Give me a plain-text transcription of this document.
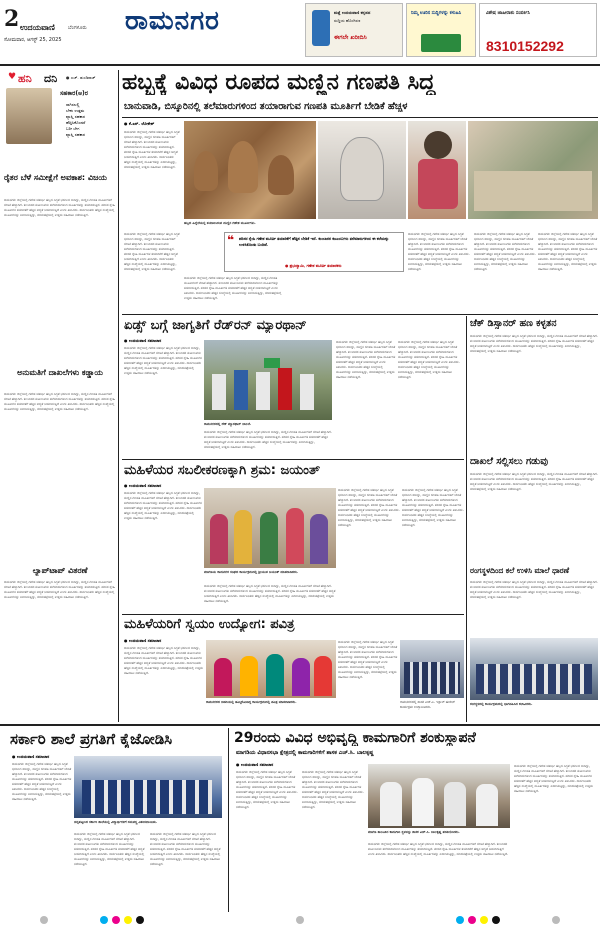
2 ಉದಯವಾಣಿ	ಬೆಂಗಳೂರು
ಸೋಮವಾರ, ಆಗಸ್ಟ್ 25, 2025
ರಾಮನಗರ	ಮತ್ತೆ ಉದಯವಾಣಿ ಕನ್ನಡದ
ಸುದ್ದಿಯ ಹೊಂಗಿರಣ
ಈಗಲೇ ಖರೀದಿಸಿ
ನಿಮ್ಮ ಊರಿನ ಸುದ್ದಿಗಳನ್ನು ಕಳುಹಿಸಿ	ವಿಶೇಷ ಜಾಹೀರಾತು ಸಂಪರ್ಕಿಸಿ
8310152292
♥ ಹನಿ ದನಿ ● ಎಚ್. ಡುಂಡಿರಾಜ್
ಸಹಕಾರ(ಅ)ರ
ಸಾಗಿಸಲಲ್ಲಿ
ಬೇಕು ಉತ್ತಮ
ವ್ಯಾಪ್ತಿ ಸಹಕಾರ
ಹೆಚ್ಚಿಸಿಕೊಂಡರೆ
ಬರೀ ಬೇಗ
ವ್ಯಾಪ್ತಿ ಸಹಕಾರ
ಹಬ್ಬಕ್ಕೆ ವಿವಿಧ ರೂಪದ ಮಣ್ಣಿನ ಗಣಪತಿ ಸಿದ್ಧ
ಬಾನುವಾಡಿ, ಬಿಸ್ಕೂರಿನಲ್ಲಿ ತಲೆಮಾರುಗಳಿಂದ ತಯಾರಾಗುವ ಗಣಪತಿ ಮೂರ್ತಿಗೆ ಬೇಡಿಕೆ ಹೆಚ್ಚಳ
ರೈತರ ಬೆಳೆ ಸಮೀಕ್ಷೆಗೆ ಅವಕಾಶ: ವಿಜಯ
ರಾಮನಗರ: ಜಿಲ್ಲೆಯಲ್ಲಿ ಗಣೇಶ ಚತುರ್ಥಿ ಹಬ್ಬದ ಸಿದ್ಧತೆ ಭರದಿಂದ ಸಾಗಿದ್ದು, ಮಣ್ಣಿನ ಗಣಪತಿ ಮೂರ್ತಿಗಳಿಗೆ ಬೇಡಿಕೆ ಹೆಚ್ಚಾಗಿದೆ. ಕುಂಬಾರರ ಕುಟುಂಬಗಳು ತಲೆಮಾರುಗಳಿಂದ ಮೂರ್ತಿಗಳನ್ನು ತಯಾರಿಸುತ್ತಿವೆ. ಪರಿಸರ ಸ್ನೇಹಿ ಮೂರ್ತಿಗಳ ತಯಾರಿಕೆಗೆ ಹೆಚ್ಚಿನ ಆದ್ಯತೆ ನೀಡಲಾಗುತ್ತಿದೆ ಎಂದು ತಿಳಿಸಿದರು. ಸಾರ್ವಜನಿಕರು ಹೆಚ್ಚಿನ ಸಂಖ್ಯೆಯಲ್ಲಿ ಮೂರ್ತಿಗಳನ್ನು ಖರೀದಿಸುತ್ತಿದ್ದು, ಮಾರುಕಟ್ಟೆಯಲ್ಲಿ ಉತ್ತಮ ವಹಿವಾಟು ನಡೆಯುತ್ತಿದೆ.
ಅನುಮತಿಗೆ ದಾಖಲೆಗಳು ಕಡ್ಡಾಯ
ರಾಮನಗರ: ಜಿಲ್ಲೆಯಲ್ಲಿ ಗಣೇಶ ಚತುರ್ಥಿ ಹಬ್ಬದ ಸಿದ್ಧತೆ ಭರದಿಂದ ಸಾಗಿದ್ದು, ಮಣ್ಣಿನ ಗಣಪತಿ ಮೂರ್ತಿಗಳಿಗೆ ಬೇಡಿಕೆ ಹೆಚ್ಚಾಗಿದೆ. ಕುಂಬಾರರ ಕುಟುಂಬಗಳು ತಲೆಮಾರುಗಳಿಂದ ಮೂರ್ತಿಗಳನ್ನು ತಯಾರಿಸುತ್ತಿವೆ. ಪರಿಸರ ಸ್ನೇಹಿ ಮೂರ್ತಿಗಳ ತಯಾರಿಕೆಗೆ ಹೆಚ್ಚಿನ ಆದ್ಯತೆ ನೀಡಲಾಗುತ್ತಿದೆ ಎಂದು ತಿಳಿಸಿದರು. ಸಾರ್ವಜನಿಕರು ಹೆಚ್ಚಿನ ಸಂಖ್ಯೆಯಲ್ಲಿ ಮೂರ್ತಿಗಳನ್ನು ಖರೀದಿಸುತ್ತಿದ್ದು, ಮಾರುಕಟ್ಟೆಯಲ್ಲಿ ಉತ್ತಮ ವಹಿವಾಟು ನಡೆಯುತ್ತಿದೆ.
ಲ್ಯಾಪ್‌ಟಾಪ್ ವಿತರಣೆ
ರಾಮನಗರ: ಜಿಲ್ಲೆಯಲ್ಲಿ ಗಣೇಶ ಚತುರ್ಥಿ ಹಬ್ಬದ ಸಿದ್ಧತೆ ಭರದಿಂದ ಸಾಗಿದ್ದು, ಮಣ್ಣಿನ ಗಣಪತಿ ಮೂರ್ತಿಗಳಿಗೆ ಬೇಡಿಕೆ ಹೆಚ್ಚಾಗಿದೆ. ಕುಂಬಾರರ ಕುಟುಂಬಗಳು ತಲೆಮಾರುಗಳಿಂದ ಮೂರ್ತಿಗಳನ್ನು ತಯಾರಿಸುತ್ತಿವೆ. ಪರಿಸರ ಸ್ನೇಹಿ ಮೂರ್ತಿಗಳ ತಯಾರಿಕೆಗೆ ಹೆಚ್ಚಿನ ಆದ್ಯತೆ ನೀಡಲಾಗುತ್ತಿದೆ ಎಂದು ತಿಳಿಸಿದರು. ಸಾರ್ವಜನಿಕರು ಹೆಚ್ಚಿನ ಸಂಖ್ಯೆಯಲ್ಲಿ ಮೂರ್ತಿಗಳನ್ನು ಖರೀದಿಸುತ್ತಿದ್ದು, ಮಾರುಕಟ್ಟೆಯಲ್ಲಿ ಉತ್ತಮ ವಹಿವಾಟು ನಡೆಯುತ್ತಿದೆ.
● ಕೆ.ಎಸ್. ಲೋಕೇಶ್
ರಾಮನಗರ: ಜಿಲ್ಲೆಯಲ್ಲಿ ಗಣೇಶ ಚತುರ್ಥಿ ಹಬ್ಬದ ಸಿದ್ಧತೆ ಭರದಿಂದ ಸಾಗಿದ್ದು, ಮಣ್ಣಿನ ಗಣಪತಿ ಮೂರ್ತಿಗಳಿಗೆ ಬೇಡಿಕೆ ಹೆಚ್ಚಾಗಿದೆ. ಕುಂಬಾರರ ಕುಟುಂಬಗಳು ತಲೆಮಾರುಗಳಿಂದ ಮೂರ್ತಿಗಳನ್ನು ತಯಾರಿಸುತ್ತಿವೆ. ಪರಿಸರ ಸ್ನೇಹಿ ಮೂರ್ತಿಗಳ ತಯಾರಿಕೆಗೆ ಹೆಚ್ಚಿನ ಆದ್ಯತೆ ನೀಡಲಾಗುತ್ತಿದೆ ಎಂದು ತಿಳಿಸಿದರು. ಸಾರ್ವಜನಿಕರು ಹೆಚ್ಚಿನ ಸಂಖ್ಯೆಯಲ್ಲಿ ಮೂರ್ತಿಗಳನ್ನು ಖರೀದಿಸುತ್ತಿದ್ದು, ಮಾರುಕಟ್ಟೆಯಲ್ಲಿ ಉತ್ತಮ ವಹಿವಾಟು ನಡೆಯುತ್ತಿದೆ.
ರಾಮನಗರ: ಜಿಲ್ಲೆಯಲ್ಲಿ ಗಣೇಶ ಚತುರ್ಥಿ ಹಬ್ಬದ ಸಿದ್ಧತೆ ಭರದಿಂದ ಸಾಗಿದ್ದು, ಮಣ್ಣಿನ ಗಣಪತಿ ಮೂರ್ತಿಗಳಿಗೆ ಬೇಡಿಕೆ ಹೆಚ್ಚಾಗಿದೆ. ಕುಂಬಾರರ ಕುಟುಂಬಗಳು ತಲೆಮಾರುಗಳಿಂದ ಮೂರ್ತಿಗಳನ್ನು ತಯಾರಿಸುತ್ತಿವೆ. ಪರಿಸರ ಸ್ನೇಹಿ ಮೂರ್ತಿಗಳ ತಯಾರಿಕೆಗೆ ಹೆಚ್ಚಿನ ಆದ್ಯತೆ ನೀಡಲಾಗುತ್ತಿದೆ ಎಂದು ತಿಳಿಸಿದರು. ಸಾರ್ವಜನಿಕರು ಹೆಚ್ಚಿನ ಸಂಖ್ಯೆಯಲ್ಲಿ ಮೂರ್ತಿಗಳನ್ನು ಖರೀದಿಸುತ್ತಿದ್ದು, ಮಾರುಕಟ್ಟೆಯಲ್ಲಿ ಉತ್ತಮ ವಹಿವಾಟು ನಡೆಯುತ್ತಿದೆ.
ಹಬ್ಬದ ಹಿನ್ನೆಲೆಯಲ್ಲಿ ತಯಾರಿಸಿರುವ ಮಣ್ಣಿನ ಗಣೇಶ ಮೂರ್ತಿಗಳು.
❝ ಪರಿಸರ ಸ್ನೇಹಿ ಗಣೇಶ ಮೂರ್ತಿ ತಯಾರಿಕೆಗೆ ಹೆಚ್ಚಿನ ಬೇಡಿಕೆ ಇದೆ. ಕುಂಬಾರರ ಕುಟುಂಬಗಳು ತಲೆಮಾರುಗಳಿಂದ ಈ ಕಲೆಯನ್ನು ಉಳಿಸಿಕೊಂಡು ಬಂದಿವೆ.
● ಪ್ರಭುಸ್ವಾಮಿ, ಗಣೇಶ ಮೂರ್ತಿ ತಯಾರಕರು
ರಾಮನಗರ: ಜಿಲ್ಲೆಯಲ್ಲಿ ಗಣೇಶ ಚತುರ್ಥಿ ಹಬ್ಬದ ಸಿದ್ಧತೆ ಭರದಿಂದ ಸಾಗಿದ್ದು, ಮಣ್ಣಿನ ಗಣಪತಿ ಮೂರ್ತಿಗಳಿಗೆ ಬೇಡಿಕೆ ಹೆಚ್ಚಾಗಿದೆ. ಕುಂಬಾರರ ಕುಟುಂಬಗಳು ತಲೆಮಾರುಗಳಿಂದ ಮೂರ್ತಿಗಳನ್ನು ತಯಾರಿಸುತ್ತಿವೆ. ಪರಿಸರ ಸ್ನೇಹಿ ಮೂರ್ತಿಗಳ ತಯಾರಿಕೆಗೆ ಹೆಚ್ಚಿನ ಆದ್ಯತೆ ನೀಡಲಾಗುತ್ತಿದೆ ಎಂದು ತಿಳಿಸಿದರು. ಸಾರ್ವಜನಿಕರು ಹೆಚ್ಚಿನ ಸಂಖ್ಯೆಯಲ್ಲಿ ಮೂರ್ತಿಗಳನ್ನು ಖರೀದಿಸುತ್ತಿದ್ದು, ಮಾರುಕಟ್ಟೆಯಲ್ಲಿ ಉತ್ತಮ ವಹಿವಾಟು ನಡೆಯುತ್ತಿದೆ.
ರಾಮನಗರ: ಜಿಲ್ಲೆಯಲ್ಲಿ ಗಣೇಶ ಚತುರ್ಥಿ ಹಬ್ಬದ ಸಿದ್ಧತೆ ಭರದಿಂದ ಸಾಗಿದ್ದು, ಮಣ್ಣಿನ ಗಣಪತಿ ಮೂರ್ತಿಗಳಿಗೆ ಬೇಡಿಕೆ ಹೆಚ್ಚಾಗಿದೆ. ಕುಂಬಾರರ ಕುಟುಂಬಗಳು ತಲೆಮಾರುಗಳಿಂದ ಮೂರ್ತಿಗಳನ್ನು ತಯಾರಿಸುತ್ತಿವೆ. ಪರಿಸರ ಸ್ನೇಹಿ ಮೂರ್ತಿಗಳ ತಯಾರಿಕೆಗೆ ಹೆಚ್ಚಿನ ಆದ್ಯತೆ ನೀಡಲಾಗುತ್ತಿದೆ ಎಂದು ತಿಳಿಸಿದರು. ಸಾರ್ವಜನಿಕರು ಹೆಚ್ಚಿನ ಸಂಖ್ಯೆಯಲ್ಲಿ ಮೂರ್ತಿಗಳನ್ನು ಖರೀದಿಸುತ್ತಿದ್ದು, ಮಾರುಕಟ್ಟೆಯಲ್ಲಿ ಉತ್ತಮ ವಹಿವಾಟು ನಡೆಯುತ್ತಿದೆ.
ರಾಮನಗರ: ಜಿಲ್ಲೆಯಲ್ಲಿ ಗಣೇಶ ಚತುರ್ಥಿ ಹಬ್ಬದ ಸಿದ್ಧತೆ ಭರದಿಂದ ಸಾಗಿದ್ದು, ಮಣ್ಣಿನ ಗಣಪತಿ ಮೂರ್ತಿಗಳಿಗೆ ಬೇಡಿಕೆ ಹೆಚ್ಚಾಗಿದೆ. ಕುಂಬಾರರ ಕುಟುಂಬಗಳು ತಲೆಮಾರುಗಳಿಂದ ಮೂರ್ತಿಗಳನ್ನು ತಯಾರಿಸುತ್ತಿವೆ. ಪರಿಸರ ಸ್ನೇಹಿ ಮೂರ್ತಿಗಳ ತಯಾರಿಕೆಗೆ ಹೆಚ್ಚಿನ ಆದ್ಯತೆ ನೀಡಲಾಗುತ್ತಿದೆ ಎಂದು ತಿಳಿಸಿದರು. ಸಾರ್ವಜನಿಕರು ಹೆಚ್ಚಿನ ಸಂಖ್ಯೆಯಲ್ಲಿ ಮೂರ್ತಿಗಳನ್ನು ಖರೀದಿಸುತ್ತಿದ್ದು, ಮಾರುಕಟ್ಟೆಯಲ್ಲಿ ಉತ್ತಮ ವಹಿವಾಟು ನಡೆಯುತ್ತಿದೆ.
ರಾಮನಗರ: ಜಿಲ್ಲೆಯಲ್ಲಿ ಗಣೇಶ ಚತುರ್ಥಿ ಹಬ್ಬದ ಸಿದ್ಧತೆ ಭರದಿಂದ ಸಾಗಿದ್ದು, ಮಣ್ಣಿನ ಗಣಪತಿ ಮೂರ್ತಿಗಳಿಗೆ ಬೇಡಿಕೆ ಹೆಚ್ಚಾಗಿದೆ. ಕುಂಬಾರರ ಕುಟುಂಬಗಳು ತಲೆಮಾರುಗಳಿಂದ ಮೂರ್ತಿಗಳನ್ನು ತಯಾರಿಸುತ್ತಿವೆ. ಪರಿಸರ ಸ್ನೇಹಿ ಮೂರ್ತಿಗಳ ತಯಾರಿಕೆಗೆ ಹೆಚ್ಚಿನ ಆದ್ಯತೆ ನೀಡಲಾಗುತ್ತಿದೆ ಎಂದು ತಿಳಿಸಿದರು. ಸಾರ್ವಜನಿಕರು ಹೆಚ್ಚಿನ ಸಂಖ್ಯೆಯಲ್ಲಿ ಮೂರ್ತಿಗಳನ್ನು ಖರೀದಿಸುತ್ತಿದ್ದು, ಮಾರುಕಟ್ಟೆಯಲ್ಲಿ ಉತ್ತಮ ವಹಿವಾಟು ನಡೆಯುತ್ತಿದೆ.
ಏಡ್ಸ್ ಬಗ್ಗೆ ಜಾಗೃತಿಗೆ ರೆಡ್‌ರನ್ ಮ್ಯಾರಥಾನ್
● ಉದಯವಾಣಿ ಸಮಾಚಾರ
ರಾಮನಗರ: ಜಿಲ್ಲೆಯಲ್ಲಿ ಗಣೇಶ ಚತುರ್ಥಿ ಹಬ್ಬದ ಸಿದ್ಧತೆ ಭರದಿಂದ ಸಾಗಿದ್ದು, ಮಣ್ಣಿನ ಗಣಪತಿ ಮೂರ್ತಿಗಳಿಗೆ ಬೇಡಿಕೆ ಹೆಚ್ಚಾಗಿದೆ. ಕುಂಬಾರರ ಕುಟುಂಬಗಳು ತಲೆಮಾರುಗಳಿಂದ ಮೂರ್ತಿಗಳನ್ನು ತಯಾರಿಸುತ್ತಿವೆ. ಪರಿಸರ ಸ್ನೇಹಿ ಮೂರ್ತಿಗಳ ತಯಾರಿಕೆಗೆ ಹೆಚ್ಚಿನ ಆದ್ಯತೆ ನೀಡಲಾಗುತ್ತಿದೆ ಎಂದು ತಿಳಿಸಿದರು. ಸಾರ್ವಜನಿಕರು ಹೆಚ್ಚಿನ ಸಂಖ್ಯೆಯಲ್ಲಿ ಮೂರ್ತಿಗಳನ್ನು ಖರೀದಿಸುತ್ತಿದ್ದು, ಮಾರುಕಟ್ಟೆಯಲ್ಲಿ ಉತ್ತಮ ವಹಿವಾಟು ನಡೆಯುತ್ತಿದೆ.
ರಾಮನಗರದಲ್ಲಿ ರೆಡ್ ಮ್ಯಾರಥಾನ್ ಚಾಲನೆ.
ರಾಮನಗರ: ಜಿಲ್ಲೆಯಲ್ಲಿ ಗಣೇಶ ಚತುರ್ಥಿ ಹಬ್ಬದ ಸಿದ್ಧತೆ ಭರದಿಂದ ಸಾಗಿದ್ದು, ಮಣ್ಣಿನ ಗಣಪತಿ ಮೂರ್ತಿಗಳಿಗೆ ಬೇಡಿಕೆ ಹೆಚ್ಚಾಗಿದೆ. ಕುಂಬಾರರ ಕುಟುಂಬಗಳು ತಲೆಮಾರುಗಳಿಂದ ಮೂರ್ತಿಗಳನ್ನು ತಯಾರಿಸುತ್ತಿವೆ. ಪರಿಸರ ಸ್ನೇಹಿ ಮೂರ್ತಿಗಳ ತಯಾರಿಕೆಗೆ ಹೆಚ್ಚಿನ ಆದ್ಯತೆ ನೀಡಲಾಗುತ್ತಿದೆ ಎಂದು ತಿಳಿಸಿದರು. ಸಾರ್ವಜನಿಕರು ಹೆಚ್ಚಿನ ಸಂಖ್ಯೆಯಲ್ಲಿ ಮೂರ್ತಿಗಳನ್ನು ಖರೀದಿಸುತ್ತಿದ್ದು, ಮಾರುಕಟ್ಟೆಯಲ್ಲಿ ಉತ್ತಮ ವಹಿವಾಟು ನಡೆಯುತ್ತಿದೆ.
ರಾಮನಗರ: ಜಿಲ್ಲೆಯಲ್ಲಿ ಗಣೇಶ ಚತುರ್ಥಿ ಹಬ್ಬದ ಸಿದ್ಧತೆ ಭರದಿಂದ ಸಾಗಿದ್ದು, ಮಣ್ಣಿನ ಗಣಪತಿ ಮೂರ್ತಿಗಳಿಗೆ ಬೇಡಿಕೆ ಹೆಚ್ಚಾಗಿದೆ. ಕುಂಬಾರರ ಕುಟುಂಬಗಳು ತಲೆಮಾರುಗಳಿಂದ ಮೂರ್ತಿಗಳನ್ನು ತಯಾರಿಸುತ್ತಿವೆ. ಪರಿಸರ ಸ್ನೇಹಿ ಮೂರ್ತಿಗಳ ತಯಾರಿಕೆಗೆ ಹೆಚ್ಚಿನ ಆದ್ಯತೆ ನೀಡಲಾಗುತ್ತಿದೆ ಎಂದು ತಿಳಿಸಿದರು. ಸಾರ್ವಜನಿಕರು ಹೆಚ್ಚಿನ ಸಂಖ್ಯೆಯಲ್ಲಿ ಮೂರ್ತಿಗಳನ್ನು ಖರೀದಿಸುತ್ತಿದ್ದು, ಮಾರುಕಟ್ಟೆಯಲ್ಲಿ ಉತ್ತಮ ವಹಿವಾಟು ನಡೆಯುತ್ತಿದೆ.
ರಾಮನಗರ: ಜಿಲ್ಲೆಯಲ್ಲಿ ಗಣೇಶ ಚತುರ್ಥಿ ಹಬ್ಬದ ಸಿದ್ಧತೆ ಭರದಿಂದ ಸಾಗಿದ್ದು, ಮಣ್ಣಿನ ಗಣಪತಿ ಮೂರ್ತಿಗಳಿಗೆ ಬೇಡಿಕೆ ಹೆಚ್ಚಾಗಿದೆ. ಕುಂಬಾರರ ಕುಟುಂಬಗಳು ತಲೆಮಾರುಗಳಿಂದ ಮೂರ್ತಿಗಳನ್ನು ತಯಾರಿಸುತ್ತಿವೆ. ಪರಿಸರ ಸ್ನೇಹಿ ಮೂರ್ತಿಗಳ ತಯಾರಿಕೆಗೆ ಹೆಚ್ಚಿನ ಆದ್ಯತೆ ನೀಡಲಾಗುತ್ತಿದೆ ಎಂದು ತಿಳಿಸಿದರು. ಸಾರ್ವಜನಿಕರು ಹೆಚ್ಚಿನ ಸಂಖ್ಯೆಯಲ್ಲಿ ಮೂರ್ತಿಗಳನ್ನು ಖರೀದಿಸುತ್ತಿದ್ದು, ಮಾರುಕಟ್ಟೆಯಲ್ಲಿ ಉತ್ತಮ ವಹಿವಾಟು ನಡೆಯುತ್ತಿದೆ.
ಚೆಕ್ ಡಿಸ್ಸಾನರ್ ಹಣ ಕಳ್ಳತನ
ರಾಮನಗರ: ಜಿಲ್ಲೆಯಲ್ಲಿ ಗಣೇಶ ಚತುರ್ಥಿ ಹಬ್ಬದ ಸಿದ್ಧತೆ ಭರದಿಂದ ಸಾಗಿದ್ದು, ಮಣ್ಣಿನ ಗಣಪತಿ ಮೂರ್ತಿಗಳಿಗೆ ಬೇಡಿಕೆ ಹೆಚ್ಚಾಗಿದೆ. ಕುಂಬಾರರ ಕುಟುಂಬಗಳು ತಲೆಮಾರುಗಳಿಂದ ಮೂರ್ತಿಗಳನ್ನು ತಯಾರಿಸುತ್ತಿವೆ. ಪರಿಸರ ಸ್ನೇಹಿ ಮೂರ್ತಿಗಳ ತಯಾರಿಕೆಗೆ ಹೆಚ್ಚಿನ ಆದ್ಯತೆ ನೀಡಲಾಗುತ್ತಿದೆ ಎಂದು ತಿಳಿಸಿದರು. ಸಾರ್ವಜನಿಕರು ಹೆಚ್ಚಿನ ಸಂಖ್ಯೆಯಲ್ಲಿ ಮೂರ್ತಿಗಳನ್ನು ಖರೀದಿಸುತ್ತಿದ್ದು, ಮಾರುಕಟ್ಟೆಯಲ್ಲಿ ಉತ್ತಮ ವಹಿವಾಟು ನಡೆಯುತ್ತಿದೆ.
ದಾಖಲೆ ಸಲ್ಲಿಸಲು ಗಡುವು
ರಾಮನಗರ: ಜಿಲ್ಲೆಯಲ್ಲಿ ಗಣೇಶ ಚತುರ್ಥಿ ಹಬ್ಬದ ಸಿದ್ಧತೆ ಭರದಿಂದ ಸಾಗಿದ್ದು, ಮಣ್ಣಿನ ಗಣಪತಿ ಮೂರ್ತಿಗಳಿಗೆ ಬೇಡಿಕೆ ಹೆಚ್ಚಾಗಿದೆ. ಕುಂಬಾರರ ಕುಟುಂಬಗಳು ತಲೆಮಾರುಗಳಿಂದ ಮೂರ್ತಿಗಳನ್ನು ತಯಾರಿಸುತ್ತಿವೆ. ಪರಿಸರ ಸ್ನೇಹಿ ಮೂರ್ತಿಗಳ ತಯಾರಿಕೆಗೆ ಹೆಚ್ಚಿನ ಆದ್ಯತೆ ನೀಡಲಾಗುತ್ತಿದೆ ಎಂದು ತಿಳಿಸಿದರು. ಸಾರ್ವಜನಿಕರು ಹೆಚ್ಚಿನ ಸಂಖ್ಯೆಯಲ್ಲಿ ಮೂರ್ತಿಗಳನ್ನು ಖರೀದಿಸುತ್ತಿದ್ದು, ಮಾರುಕಟ್ಟೆಯಲ್ಲಿ ಉತ್ತಮ ವಹಿವಾಟು ನಡೆಯುತ್ತಿದೆ.
ರಂಗಸ್ಥಳದಿಂದ ಕಲೆ ಉಳಿಸಿ ಮಾಲೆ ಧಾರಣೆ
ರಾಮನಗರ: ಜಿಲ್ಲೆಯಲ್ಲಿ ಗಣೇಶ ಚತುರ್ಥಿ ಹಬ್ಬದ ಸಿದ್ಧತೆ ಭರದಿಂದ ಸಾಗಿದ್ದು, ಮಣ್ಣಿನ ಗಣಪತಿ ಮೂರ್ತಿಗಳಿಗೆ ಬೇಡಿಕೆ ಹೆಚ್ಚಾಗಿದೆ. ಕುಂಬಾರರ ಕುಟುಂಬಗಳು ತಲೆಮಾರುಗಳಿಂದ ಮೂರ್ತಿಗಳನ್ನು ತಯಾರಿಸುತ್ತಿವೆ. ಪರಿಸರ ಸ್ನೇಹಿ ಮೂರ್ತಿಗಳ ತಯಾರಿಕೆಗೆ ಹೆಚ್ಚಿನ ಆದ್ಯತೆ ನೀಡಲಾಗುತ್ತಿದೆ ಎಂದು ತಿಳಿಸಿದರು. ಸಾರ್ವಜನಿಕರು ಹೆಚ್ಚಿನ ಸಂಖ್ಯೆಯಲ್ಲಿ ಮೂರ್ತಿಗಳನ್ನು ಖರೀದಿಸುತ್ತಿದ್ದು, ಮಾರುಕಟ್ಟೆಯಲ್ಲಿ ಉತ್ತಮ ವಹಿವಾಟು ನಡೆಯುತ್ತಿದೆ.
ರಂಗಸ್ಥಳದಲ್ಲಿ ಕಾರ್ಯಕ್ರಮದಲ್ಲಿ ಭಾಗವಹಿಸಿದ ಕಲಾವಿದರು.
ಮಹಿಳೆಯರ ಸಬಲೀಕರಣಕ್ಕಾಗಿ ಶ್ರಮ: ಜಯಂತ್
● ಉದಯವಾಣಿ ಸಮಾಚಾರ
ರಾಮನಗರ: ಜಿಲ್ಲೆಯಲ್ಲಿ ಗಣೇಶ ಚತುರ್ಥಿ ಹಬ್ಬದ ಸಿದ್ಧತೆ ಭರದಿಂದ ಸಾಗಿದ್ದು, ಮಣ್ಣಿನ ಗಣಪತಿ ಮೂರ್ತಿಗಳಿಗೆ ಬೇಡಿಕೆ ಹೆಚ್ಚಾಗಿದೆ. ಕುಂಬಾರರ ಕುಟುಂಬಗಳು ತಲೆಮಾರುಗಳಿಂದ ಮೂರ್ತಿಗಳನ್ನು ತಯಾರಿಸುತ್ತಿವೆ. ಪರಿಸರ ಸ್ನೇಹಿ ಮೂರ್ತಿಗಳ ತಯಾರಿಕೆಗೆ ಹೆಚ್ಚಿನ ಆದ್ಯತೆ ನೀಡಲಾಗುತ್ತಿದೆ ಎಂದು ತಿಳಿಸಿದರು. ಸಾರ್ವಜನಿಕರು ಹೆಚ್ಚಿನ ಸಂಖ್ಯೆಯಲ್ಲಿ ಮೂರ್ತಿಗಳನ್ನು ಖರೀದಿಸುತ್ತಿದ್ದು, ಮಾರುಕಟ್ಟೆಯಲ್ಲಿ ಉತ್ತಮ ವಹಿವಾಟು ನಡೆಯುತ್ತಿದೆ.
ಮಾಗಡಿಯ ರಾಮನಗರ ಸಂಘದ ಕಾರ್ಯಕ್ರಮದಲ್ಲಿ ಶ್ರೀಯುತ ಜಯಂತ್ ಮಾತನಾಡಿದರು.
ರಾಮನಗರ: ಜಿಲ್ಲೆಯಲ್ಲಿ ಗಣೇಶ ಚತುರ್ಥಿ ಹಬ್ಬದ ಸಿದ್ಧತೆ ಭರದಿಂದ ಸಾಗಿದ್ದು, ಮಣ್ಣಿನ ಗಣಪತಿ ಮೂರ್ತಿಗಳಿಗೆ ಬೇಡಿಕೆ ಹೆಚ್ಚಾಗಿದೆ. ಕುಂಬಾರರ ಕುಟುಂಬಗಳು ತಲೆಮಾರುಗಳಿಂದ ಮೂರ್ತಿಗಳನ್ನು ತಯಾರಿಸುತ್ತಿವೆ. ಪರಿಸರ ಸ್ನೇಹಿ ಮೂರ್ತಿಗಳ ತಯಾರಿಕೆಗೆ ಹೆಚ್ಚಿನ ಆದ್ಯತೆ ನೀಡಲಾಗುತ್ತಿದೆ ಎಂದು ತಿಳಿಸಿದರು. ಸಾರ್ವಜನಿಕರು ಹೆಚ್ಚಿನ ಸಂಖ್ಯೆಯಲ್ಲಿ ಮೂರ್ತಿಗಳನ್ನು ಖರೀದಿಸುತ್ತಿದ್ದು, ಮಾರುಕಟ್ಟೆಯಲ್ಲಿ ಉತ್ತಮ ವಹಿವಾಟು ನಡೆಯುತ್ತಿದೆ.
ರಾಮನಗರ: ಜಿಲ್ಲೆಯಲ್ಲಿ ಗಣೇಶ ಚತುರ್ಥಿ ಹಬ್ಬದ ಸಿದ್ಧತೆ ಭರದಿಂದ ಸಾಗಿದ್ದು, ಮಣ್ಣಿನ ಗಣಪತಿ ಮೂರ್ತಿಗಳಿಗೆ ಬೇಡಿಕೆ ಹೆಚ್ಚಾಗಿದೆ. ಕುಂಬಾರರ ಕುಟುಂಬಗಳು ತಲೆಮಾರುಗಳಿಂದ ಮೂರ್ತಿಗಳನ್ನು ತಯಾರಿಸುತ್ತಿವೆ. ಪರಿಸರ ಸ್ನೇಹಿ ಮೂರ್ತಿಗಳ ತಯಾರಿಕೆಗೆ ಹೆಚ್ಚಿನ ಆದ್ಯತೆ ನೀಡಲಾಗುತ್ತಿದೆ ಎಂದು ತಿಳಿಸಿದರು. ಸಾರ್ವಜನಿಕರು ಹೆಚ್ಚಿನ ಸಂಖ್ಯೆಯಲ್ಲಿ ಮೂರ್ತಿಗಳನ್ನು ಖರೀದಿಸುತ್ತಿದ್ದು, ಮಾರುಕಟ್ಟೆಯಲ್ಲಿ ಉತ್ತಮ ವಹಿವಾಟು ನಡೆಯುತ್ತಿದೆ.
ರಾಮನಗರ: ಜಿಲ್ಲೆಯಲ್ಲಿ ಗಣೇಶ ಚತುರ್ಥಿ ಹಬ್ಬದ ಸಿದ್ಧತೆ ಭರದಿಂದ ಸಾಗಿದ್ದು, ಮಣ್ಣಿನ ಗಣಪತಿ ಮೂರ್ತಿಗಳಿಗೆ ಬೇಡಿಕೆ ಹೆಚ್ಚಾಗಿದೆ. ಕುಂಬಾರರ ಕುಟುಂಬಗಳು ತಲೆಮಾರುಗಳಿಂದ ಮೂರ್ತಿಗಳನ್ನು ತಯಾರಿಸುತ್ತಿವೆ. ಪರಿಸರ ಸ್ನೇಹಿ ಮೂರ್ತಿಗಳ ತಯಾರಿಕೆಗೆ ಹೆಚ್ಚಿನ ಆದ್ಯತೆ ನೀಡಲಾಗುತ್ತಿದೆ ಎಂದು ತಿಳಿಸಿದರು. ಸಾರ್ವಜನಿಕರು ಹೆಚ್ಚಿನ ಸಂಖ್ಯೆಯಲ್ಲಿ ಮೂರ್ತಿಗಳನ್ನು ಖರೀದಿಸುತ್ತಿದ್ದು, ಮಾರುಕಟ್ಟೆಯಲ್ಲಿ ಉತ್ತಮ ವಹಿವಾಟು ನಡೆಯುತ್ತಿದೆ.
ಮಹಿಳೆಯರಿಗೆ ಸ್ವಯಂ ಉದ್ಯೋಗ: ಪವಿತ್ರ
● ಉದಯವಾಣಿ ಸಮಾಚಾರ
ರಾಮನಗರ: ಜಿಲ್ಲೆಯಲ್ಲಿ ಗಣೇಶ ಚತುರ್ಥಿ ಹಬ್ಬದ ಸಿದ್ಧತೆ ಭರದಿಂದ ಸಾಗಿದ್ದು, ಮಣ್ಣಿನ ಗಣಪತಿ ಮೂರ್ತಿಗಳಿಗೆ ಬೇಡಿಕೆ ಹೆಚ್ಚಾಗಿದೆ. ಕುಂಬಾರರ ಕುಟುಂಬಗಳು ತಲೆಮಾರುಗಳಿಂದ ಮೂರ್ತಿಗಳನ್ನು ತಯಾರಿಸುತ್ತಿವೆ. ಪರಿಸರ ಸ್ನೇಹಿ ಮೂರ್ತಿಗಳ ತಯಾರಿಕೆಗೆ ಹೆಚ್ಚಿನ ಆದ್ಯತೆ ನೀಡಲಾಗುತ್ತಿದೆ ಎಂದು ತಿಳಿಸಿದರು. ಸಾರ್ವಜನಿಕರು ಹೆಚ್ಚಿನ ಸಂಖ್ಯೆಯಲ್ಲಿ ಮೂರ್ತಿಗಳನ್ನು ಖರೀದಿಸುತ್ತಿದ್ದು, ಮಾರುಕಟ್ಟೆಯಲ್ಲಿ ಉತ್ತಮ ವಹಿವಾಟು ನಡೆಯುತ್ತಿದೆ.
ರಾಮನಗರದ ಬಿಡದಿಯಲ್ಲಿ ಹಮ್ಮಿಕೊಂಡಿದ್ದ ಕಾರ್ಯಕ್ರಮದಲ್ಲಿ ಪವಿತ್ರ ಮಾತನಾಡಿದರು.
ರಾಮನಗರ: ಜಿಲ್ಲೆಯಲ್ಲಿ ಗಣೇಶ ಚತುರ್ಥಿ ಹಬ್ಬದ ಸಿದ್ಧತೆ ಭರದಿಂದ ಸಾಗಿದ್ದು, ಮಣ್ಣಿನ ಗಣಪತಿ ಮೂರ್ತಿಗಳಿಗೆ ಬೇಡಿಕೆ ಹೆಚ್ಚಾಗಿದೆ. ಕುಂಬಾರರ ಕುಟುಂಬಗಳು ತಲೆಮಾರುಗಳಿಂದ ಮೂರ್ತಿಗಳನ್ನು ತಯಾರಿಸುತ್ತಿವೆ. ಪರಿಸರ ಸ್ನೇಹಿ ಮೂರ್ತಿಗಳ ತಯಾರಿಕೆಗೆ ಹೆಚ್ಚಿನ ಆದ್ಯತೆ ನೀಡಲಾಗುತ್ತಿದೆ ಎಂದು ತಿಳಿಸಿದರು. ಸಾರ್ವಜನಿಕರು ಹೆಚ್ಚಿನ ಸಂಖ್ಯೆಯಲ್ಲಿ ಮೂರ್ತಿಗಳನ್ನು ಖರೀದಿಸುತ್ತಿದ್ದು, ಮಾರುಕಟ್ಟೆಯಲ್ಲಿ ಉತ್ತಮ ವಹಿವಾಟು ನಡೆಯುತ್ತಿದೆ.
ರಾಮನಗರದಲ್ಲಿ ಶಾಸಕ ಎಚ್.ಎ. ಇಕ್ಬಾಲ್ ಹುಸೇನ್ ಕಾರ್ಯಕ್ರಮ ಉದ್ಘಾಟಿಸಿದರು.
ಸರ್ಕಾರಿ ಶಾಲೆ ಪ್ರಗತಿಗೆ ಕೈಜೋಡಿಸಿ
● ಉದಯವಾಣಿ ಸಮಾಚಾರ
ರಾಮನಗರ: ಜಿಲ್ಲೆಯಲ್ಲಿ ಗಣೇಶ ಚತುರ್ಥಿ ಹಬ್ಬದ ಸಿದ್ಧತೆ ಭರದಿಂದ ಸಾಗಿದ್ದು, ಮಣ್ಣಿನ ಗಣಪತಿ ಮೂರ್ತಿಗಳಿಗೆ ಬೇಡಿಕೆ ಹೆಚ್ಚಾಗಿದೆ. ಕುಂಬಾರರ ಕುಟುಂಬಗಳು ತಲೆಮಾರುಗಳಿಂದ ಮೂರ್ತಿಗಳನ್ನು ತಯಾರಿಸುತ್ತಿವೆ. ಪರಿಸರ ಸ್ನೇಹಿ ಮೂರ್ತಿಗಳ ತಯಾರಿಕೆಗೆ ಹೆಚ್ಚಿನ ಆದ್ಯತೆ ನೀಡಲಾಗುತ್ತಿದೆ ಎಂದು ತಿಳಿಸಿದರು. ಸಾರ್ವಜನಿಕರು ಹೆಚ್ಚಿನ ಸಂಖ್ಯೆಯಲ್ಲಿ ಮೂರ್ತಿಗಳನ್ನು ಖರೀದಿಸುತ್ತಿದ್ದು, ಮಾರುಕಟ್ಟೆಯಲ್ಲಿ ಉತ್ತಮ ವಹಿವಾಟು ನಡೆಯುತ್ತಿದೆ.
ಚನ್ನಪಟ್ಟಣದ ಸರ್ಕಾರಿ ಶಾಲೆಯಲ್ಲಿ ವಿದ್ಯಾರ್ಥಿಗಳಿಗೆ ಸಮವಸ್ತ್ರ ವಿತರಿಸಲಾಯಿತು.
ರಾಮನಗರ: ಜಿಲ್ಲೆಯಲ್ಲಿ ಗಣೇಶ ಚತುರ್ಥಿ ಹಬ್ಬದ ಸಿದ್ಧತೆ ಭರದಿಂದ ಸಾಗಿದ್ದು, ಮಣ್ಣಿನ ಗಣಪತಿ ಮೂರ್ತಿಗಳಿಗೆ ಬೇಡಿಕೆ ಹೆಚ್ಚಾಗಿದೆ. ಕುಂಬಾರರ ಕುಟುಂಬಗಳು ತಲೆಮಾರುಗಳಿಂದ ಮೂರ್ತಿಗಳನ್ನು ತಯಾರಿಸುತ್ತಿವೆ. ಪರಿಸರ ಸ್ನೇಹಿ ಮೂರ್ತಿಗಳ ತಯಾರಿಕೆಗೆ ಹೆಚ್ಚಿನ ಆದ್ಯತೆ ನೀಡಲಾಗುತ್ತಿದೆ ಎಂದು ತಿಳಿಸಿದರು. ಸಾರ್ವಜನಿಕರು ಹೆಚ್ಚಿನ ಸಂಖ್ಯೆಯಲ್ಲಿ ಮೂರ್ತಿಗಳನ್ನು ಖರೀದಿಸುತ್ತಿದ್ದು, ಮಾರುಕಟ್ಟೆಯಲ್ಲಿ ಉತ್ತಮ ವಹಿವಾಟು ನಡೆಯುತ್ತಿದೆ.
ರಾಮನಗರ: ಜಿಲ್ಲೆಯಲ್ಲಿ ಗಣೇಶ ಚತುರ್ಥಿ ಹಬ್ಬದ ಸಿದ್ಧತೆ ಭರದಿಂದ ಸಾಗಿದ್ದು, ಮಣ್ಣಿನ ಗಣಪತಿ ಮೂರ್ತಿಗಳಿಗೆ ಬೇಡಿಕೆ ಹೆಚ್ಚಾಗಿದೆ. ಕುಂಬಾರರ ಕುಟುಂಬಗಳು ತಲೆಮಾರುಗಳಿಂದ ಮೂರ್ತಿಗಳನ್ನು ತಯಾರಿಸುತ್ತಿವೆ. ಪರಿಸರ ಸ್ನೇಹಿ ಮೂರ್ತಿಗಳ ತಯಾರಿಕೆಗೆ ಹೆಚ್ಚಿನ ಆದ್ಯತೆ ನೀಡಲಾಗುತ್ತಿದೆ ಎಂದು ತಿಳಿಸಿದರು. ಸಾರ್ವಜನಿಕರು ಹೆಚ್ಚಿನ ಸಂಖ್ಯೆಯಲ್ಲಿ ಮೂರ್ತಿಗಳನ್ನು ಖರೀದಿಸುತ್ತಿದ್ದು, ಮಾರುಕಟ್ಟೆಯಲ್ಲಿ ಉತ್ತಮ ವಹಿವಾಟು ನಡೆಯುತ್ತಿದೆ.
29ರಂದು ವಿವಿಧ ಅಭಿವೃದ್ಧಿ ಕಾಮಗಾರಿಗೆ ಶಂಕುಸ್ಥಾಪನೆ
ಮಾಗಡಿಯ ವಿಧಾನಸಭಾ ಕ್ಷೇತ್ರದಲ್ಲಿ ಕಾಮಗಾರಿಗಳಿಗೆ ಶಾಸಕ ಎಚ್.ಸಿ. ಬಾಲಕೃಷ್ಣ
● ಉದಯವಾಣಿ ಸಮಾಚಾರ
ರಾಮನಗರ: ಜಿಲ್ಲೆಯಲ್ಲಿ ಗಣೇಶ ಚತುರ್ಥಿ ಹಬ್ಬದ ಸಿದ್ಧತೆ ಭರದಿಂದ ಸಾಗಿದ್ದು, ಮಣ್ಣಿನ ಗಣಪತಿ ಮೂರ್ತಿಗಳಿಗೆ ಬೇಡಿಕೆ ಹೆಚ್ಚಾಗಿದೆ. ಕುಂಬಾರರ ಕುಟುಂಬಗಳು ತಲೆಮಾರುಗಳಿಂದ ಮೂರ್ತಿಗಳನ್ನು ತಯಾರಿಸುತ್ತಿವೆ. ಪರಿಸರ ಸ್ನೇಹಿ ಮೂರ್ತಿಗಳ ತಯಾರಿಕೆಗೆ ಹೆಚ್ಚಿನ ಆದ್ಯತೆ ನೀಡಲಾಗುತ್ತಿದೆ ಎಂದು ತಿಳಿಸಿದರು. ಸಾರ್ವಜನಿಕರು ಹೆಚ್ಚಿನ ಸಂಖ್ಯೆಯಲ್ಲಿ ಮೂರ್ತಿಗಳನ್ನು ಖರೀದಿಸುತ್ತಿದ್ದು, ಮಾರುಕಟ್ಟೆಯಲ್ಲಿ ಉತ್ತಮ ವಹಿವಾಟು ನಡೆಯುತ್ತಿದೆ.
ರಾಮನಗರ: ಜಿಲ್ಲೆಯಲ್ಲಿ ಗಣೇಶ ಚತುರ್ಥಿ ಹಬ್ಬದ ಸಿದ್ಧತೆ ಭರದಿಂದ ಸಾಗಿದ್ದು, ಮಣ್ಣಿನ ಗಣಪತಿ ಮೂರ್ತಿಗಳಿಗೆ ಬೇಡಿಕೆ ಹೆಚ್ಚಾಗಿದೆ. ಕುಂಬಾರರ ಕುಟುಂಬಗಳು ತಲೆಮಾರುಗಳಿಂದ ಮೂರ್ತಿಗಳನ್ನು ತಯಾರಿಸುತ್ತಿವೆ. ಪರಿಸರ ಸ್ನೇಹಿ ಮೂರ್ತಿಗಳ ತಯಾರಿಕೆಗೆ ಹೆಚ್ಚಿನ ಆದ್ಯತೆ ನೀಡಲಾಗುತ್ತಿದೆ ಎಂದು ತಿಳಿಸಿದರು. ಸಾರ್ವಜನಿಕರು ಹೆಚ್ಚಿನ ಸಂಖ್ಯೆಯಲ್ಲಿ ಮೂರ್ತಿಗಳನ್ನು ಖರೀದಿಸುತ್ತಿದ್ದು, ಮಾರುಕಟ್ಟೆಯಲ್ಲಿ ಉತ್ತಮ ವಹಿವಾಟು ನಡೆಯುತ್ತಿದೆ.
ಮಾಗಡಿ ತಾಲೂಕಿನ ಕಾಮಗಾರಿ ಸ್ಥಳವನ್ನು ಶಾಸಕ ಎಚ್.ಸಿ. ಬಾಲಕೃಷ್ಣ ಪರಿಶೀಲಿಸಿದರು.
ರಾಮನಗರ: ಜಿಲ್ಲೆಯಲ್ಲಿ ಗಣೇಶ ಚತುರ್ಥಿ ಹಬ್ಬದ ಸಿದ್ಧತೆ ಭರದಿಂದ ಸಾಗಿದ್ದು, ಮಣ್ಣಿನ ಗಣಪತಿ ಮೂರ್ತಿಗಳಿಗೆ ಬೇಡಿಕೆ ಹೆಚ್ಚಾಗಿದೆ. ಕುಂಬಾರರ ಕುಟುಂಬಗಳು ತಲೆಮಾರುಗಳಿಂದ ಮೂರ್ತಿಗಳನ್ನು ತಯಾರಿಸುತ್ತಿವೆ. ಪರಿಸರ ಸ್ನೇಹಿ ಮೂರ್ತಿಗಳ ತಯಾರಿಕೆಗೆ ಹೆಚ್ಚಿನ ಆದ್ಯತೆ ನೀಡಲಾಗುತ್ತಿದೆ ಎಂದು ತಿಳಿಸಿದರು. ಸಾರ್ವಜನಿಕರು ಹೆಚ್ಚಿನ ಸಂಖ್ಯೆಯಲ್ಲಿ ಮೂರ್ತಿಗಳನ್ನು ಖರೀದಿಸುತ್ತಿದ್ದು, ಮಾರುಕಟ್ಟೆಯಲ್ಲಿ ಉತ್ತಮ ವಹಿವಾಟು ನಡೆಯುತ್ತಿದೆ.
ರಾಮನಗರ: ಜಿಲ್ಲೆಯಲ್ಲಿ ಗಣೇಶ ಚತುರ್ಥಿ ಹಬ್ಬದ ಸಿದ್ಧತೆ ಭರದಿಂದ ಸಾಗಿದ್ದು, ಮಣ್ಣಿನ ಗಣಪತಿ ಮೂರ್ತಿಗಳಿಗೆ ಬೇಡಿಕೆ ಹೆಚ್ಚಾಗಿದೆ. ಕುಂಬಾರರ ಕುಟುಂಬಗಳು ತಲೆಮಾರುಗಳಿಂದ ಮೂರ್ತಿಗಳನ್ನು ತಯಾರಿಸುತ್ತಿವೆ. ಪರಿಸರ ಸ್ನೇಹಿ ಮೂರ್ತಿಗಳ ತಯಾರಿಕೆಗೆ ಹೆಚ್ಚಿನ ಆದ್ಯತೆ ನೀಡಲಾಗುತ್ತಿದೆ ಎಂದು ತಿಳಿಸಿದರು. ಸಾರ್ವಜನಿಕರು ಹೆಚ್ಚಿನ ಸಂಖ್ಯೆಯಲ್ಲಿ ಮೂರ್ತಿಗಳನ್ನು ಖರೀದಿಸುತ್ತಿದ್ದು, ಮಾರುಕಟ್ಟೆಯಲ್ಲಿ ಉತ್ತಮ ವಹಿವಾಟು ನಡೆಯುತ್ತಿದೆ.
